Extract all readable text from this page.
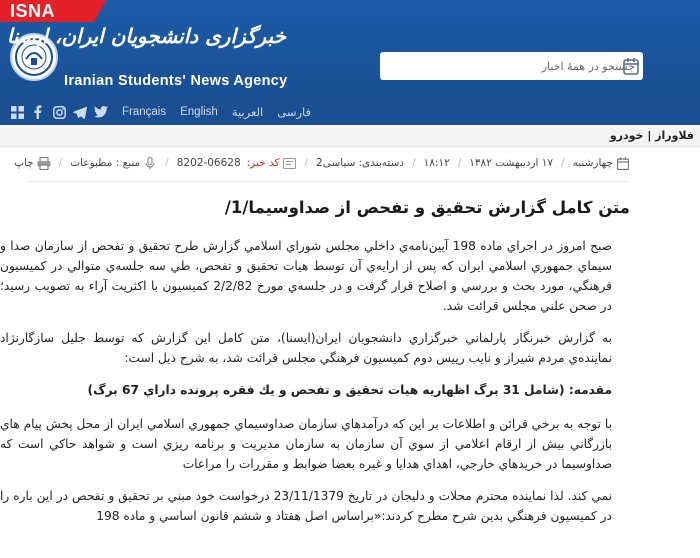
ISNA
خبرگزاری دانشجویان ایران، ایسنا
Iranian Students' News Agency
جستجو در همهٔ اخبار
Français English العربية فارسی
فلاوراز | خودرو
چهارشنبه
/
۱۷ اردیبهشت ۱۳۸۲
/
۱۸:۱۲
/
دسته‌بندی:
سیاسی2
/
کد خبر:
8202-06628
/
منبع : مطبوعات
/
چاپ
متن كامل گزارش تحقيق و تفحص از صداوسيما/1/

صبح امروز در اجراي ماده 198 آيين‌نامه‌ي داخلي مجلس شوراي اسلامي گزارش طرح تحقيق و تفحص از سازمان صدا و سيماي جمهوري اسلامي ايران كه پس از ارايه‌ي آن توسط هيات تحقيق و تفحص، طي سه جلسه‌ي متوالي در كميسيون فرهنگي، مورد بحث و بررسي و اصلاح قرار گرفت و در جلسه‌ي مورخ 2/2/82 كميسيون با اكثريت آراء به تصويب رسيد؛ در صحن علني مجلس قرائت شد.

به گزارش خبرنگار پارلماني خبرگزاري دانشجويان ايران(ايسنا)، متن كامل اين گزارش كه توسط جليل سازگارنژاد نماينده‌ي مردم شيراز و نايب رييس دوم كميسيون فرهنگي مجلس قرائت شد، به شرح ذيل است:

مقدمه: (شامل 31 برگ اظهاريه هيات تحقيق و تفحص و يك فقره پرونده داراي 67 برگ)

با توجه به برخي قرائن و اطلاعات بر اين كه درآمدهاي سازمان صداوسيماي جمهوري اسلامي ايران از محل پخش پيام هاي بازرگاني بيش از ارقام اعلامي از سوي آن سازمان به سازمان مديريت و برنامه ريزي است و شواهد حاكي است كه صداوسيما در خريدهاي خارجي، اهداي هدايا و غيره بعضا ضوابط و مقررات را مراعات

نمي كند. لذا نماينده محترم محلات و دليجان در تاريخ 23/11/1379 درخواست خود مبني بر تحقيق و تفحص در اين باره را در كميسيون فرهنگي بدين شرح مطرح كردند:«براساس اصل هفتاد و ششم قانون اساسي و ماده 198
